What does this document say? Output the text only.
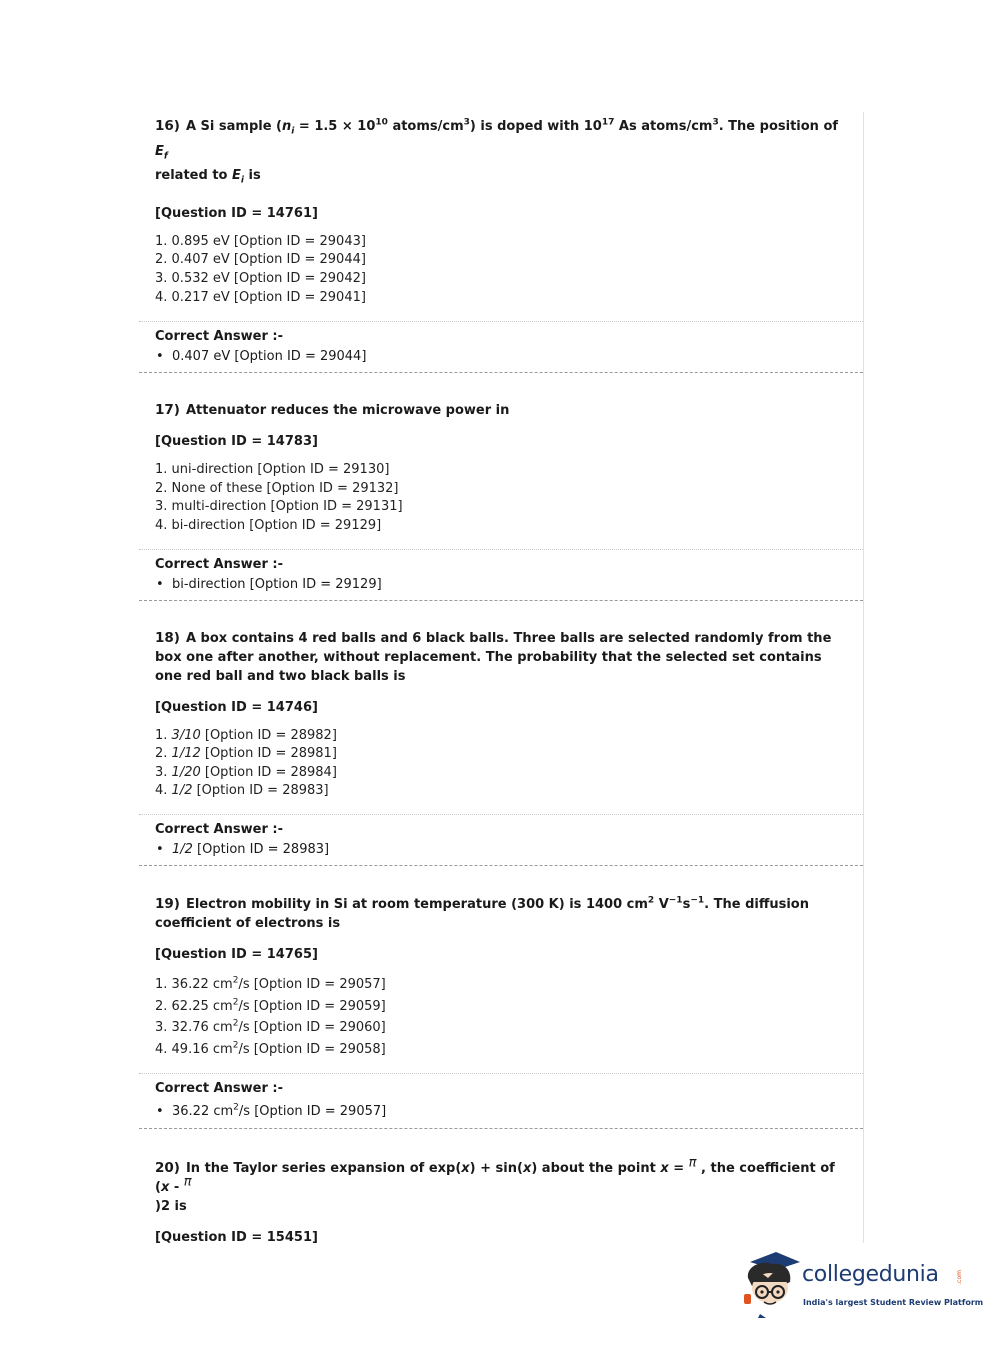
16) A Si sample ($n_i = 1.5 \times 10^{10}$ atoms/$cm^3$) is doped with $10^{17}$ As atoms/$cm^3$. The position of $E_f$
related to $E_i$ is

[Question ID = 14761]

1. 0.895 eV [Option ID = 29043]
2. 0.407 eV [Option ID = 29044]
3. 0.532 eV [Option ID = 29042]
4. 0.217 eV [Option ID = 29041]

Correct Answer :-

• 0.407 eV [Option ID = 29044]

17) Attenuator reduces the microwave power in

[Question ID = 14783]

1. uni-direction [Option ID = 29130]
2. None of these [Option ID = 29132]
3. multi-direction [Option ID = 29131]
4. bi-direction [Option ID = 29129]

Correct Answer :-

• bi-direction [Option ID = 29129]

18) A box contains 4 red balls and 6 black balls. Three balls are selected randomly from the box one after another, without replacement. The probability that the selected set contains one red ball and two black balls is

[Question ID = 14746]

1. 3/10 [Option ID = 28982]
2. 1/12 [Option ID = 28981]
3. 1/20 [Option ID = 28984]
4. 1/2 [Option ID = 28983]

Correct Answer :-

• 1/2 [Option ID = 28983]

19) Electron mobility in Si at room temperature (300 K) is 1400 $cm^2$ $V^{-1}s^{-1}$. The diffusion coefficient of electrons is

[Question ID = 14765]

1. 36.22 $cm^2/s$ [Option ID = 29057]
2. 62.25 $cm^2/s$ [Option ID = 29059]
3. 32.76 $cm^2/s$ [Option ID = 29060]
4. 49.16 $cm^2/s$ [Option ID = 29058]

Correct Answer :-

• 36.22 $cm^2/s$ [Option ID = 29057]

20) In the Taylor series expansion of exp(x) + sin(x) about the point x = $^\pi$ , the coefficient of (x - $^\pi$
)2 is

[Question ID = 15451]

collegedunia	.com
India's largest Student Review Platform
